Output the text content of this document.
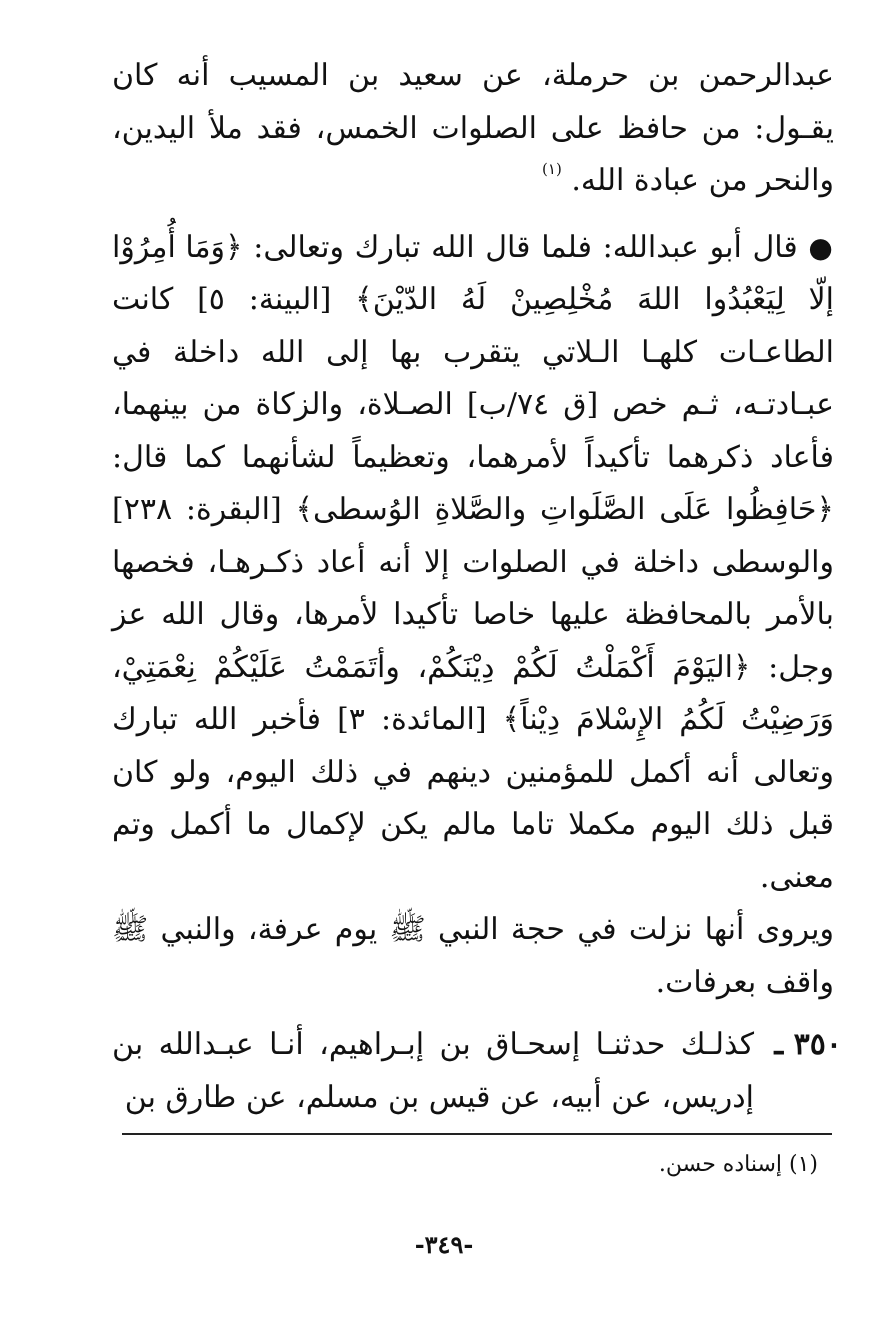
عبدالرحمن بن حرملة، عن سعيد بن المسيب أنه كان يقـول: من حافظ على الصلوات الخمس، فقد ملأ اليدين، والنحر من عبادة الله. $^{(١)}$

● قال أبو عبدالله: فلما قال الله تبارك وتعالى: ﴿وَمَا أُمِرُوْا إلّا لِيَعْبُدُوا اللهَ مُخْلِصِينْ لَهُ الدّيْنَ﴾ [البينة: ٥] كانت الطاعـات كلهـا الـلاتي يتقرب بها إلى الله داخلة في عبـادتـه، ثـم خص [ق ٧٤/ب] الصـلاة، والزكاة من بينهما، فأعاد ذكرهما تأكيداً لأمرهما، وتعظيماً لشأنهما كما قال: ﴿حَافِظُوا عَلَى الصَّلَواتِ والصَّلاةِ الوُسطى﴾ [البقرة: ٢٣٨] والوسطى داخلة في الصلوات إلا أنه أعاد ذكـرهـا، فخصها بالأمر بالمحافظة عليها خاصا تأكيدا لأمرها، وقال الله عز وجل: ﴿اليَوْمَ أَكْمَلْتُ لَكُمْ دِيْنَكُمْ، وأتَمَمْتُ عَلَيْكُمْ نِعْمَتِيْ، وَرَضِيْتُ لَكُمُ الإِسْلامَ دِيْناً﴾ [المائدة: ٣] فأخبر الله تبارك وتعالى أنه أكمل للمؤمنين دينهم في ذلك اليوم، ولو كان قبل ذلك اليوم مكملا تاما مالم يكن لإكمال ما أكمل وتم معنى.

ويروى أنها نزلت في حجة النبي ﷺ يوم عرفة، والنبي ﷺ واقف بعرفات.

٣٥٠ ـ

كذلـك حدثنـا إسحـاق بن إبـراهيم، أنـا عبـدالله بن إدريس، عن أبيه، عن قيس بن مسلم، عن طارق بن

(١) إسناده حسن.
-٣٤٩-
